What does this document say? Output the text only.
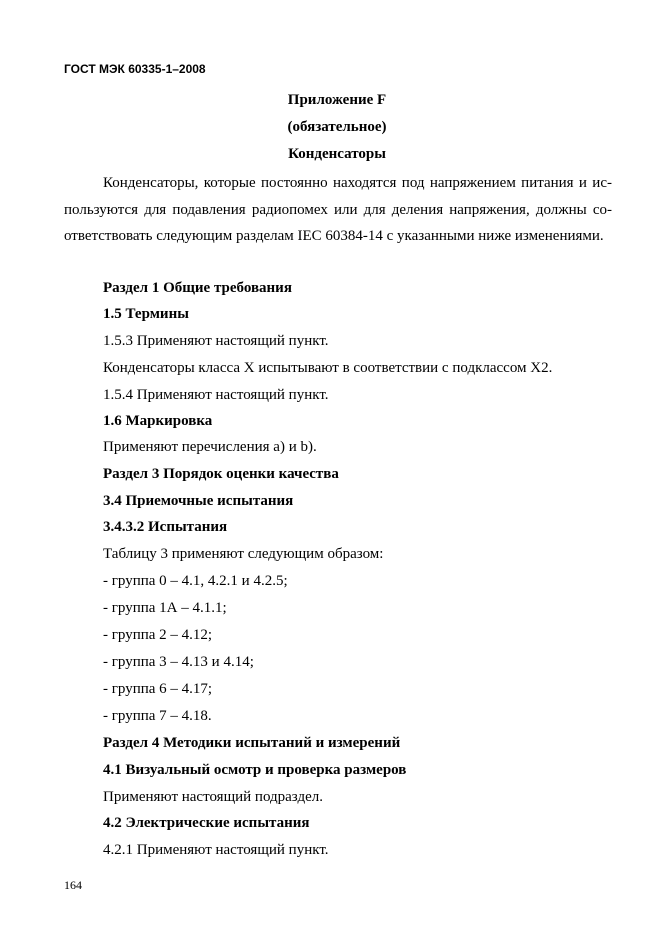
ГОСТ МЭК 60335-1–2008
Приложение F
(обязательное)
Конденсаторы
Конденсаторы, которые постоянно находятся под напряжением питания и используются для подавления радиопомех или для деления напряжения, должны соответствовать следующим разделам IEC 60384-14 с указанными ниже изменениями.
Раздел 1 Общие требования
1.5 Термины
1.5.3 Применяют настоящий пункт.
Конденсаторы класса X испытывают в соответствии с подклассом X2.
1.5.4 Применяют настоящий пункт.
1.6 Маркировка
Применяют перечисления a) и b).
Раздел 3 Порядок оценки качества
3.4 Приемочные испытания
3.4.3.2 Испытания
Таблицу 3 применяют следующим образом:
- группа 0 – 4.1, 4.2.1 и 4.2.5;
- группа 1А – 4.1.1;
- группа 2 – 4.12;
- группа 3 – 4.13 и 4.14;
- группа 6 – 4.17;
- группа 7 – 4.18.
Раздел 4 Методики испытаний и измерений
4.1 Визуальный осмотр и проверка размеров
Применяют настоящий подраздел.
4.2 Электрические испытания
4.2.1 Применяют настоящий пункт.
164
